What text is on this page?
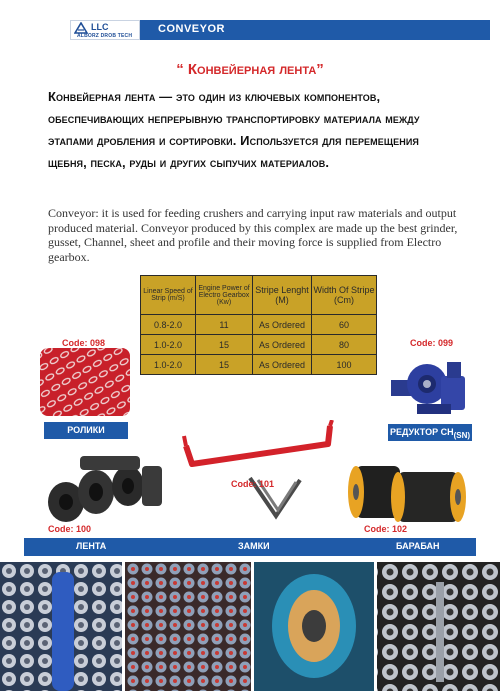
LLC
ALBORZ DROB TECH
CONVEYOR
“ Конвейерная лента”
Конвейерная лента — это один из ключевых компонентов, обеспечивающих непрерывную транспортировку материала между этапами дробления и сортировки. Используется для перемещения щебня, песка, руды и других сыпучих материалов.
Conveyor: it is used for feeding crushers and carrying input raw materials and output produced material. Conveyor produced by this complex are made up the best grinder, gusset, Channel, sheet and profile and their moving force is supplied from Electro gearbox.
Linear Speed of Strip (m/S)	Engine Power of Electro Gearbox (Kw)	Stripe Lenght (M)	Width Of Stripe (Cm)
0.8-2.0	11	As Ordered	60
1.0-2.0	15	As Ordered	80
1.0-2.0	15	As Ordered	100
Code: 098
РОЛИКИ
Code: 099
РЕДУКТОР СН(SN)
Code: 101
Code: 100	Code: 102
ЛЕНТА	ЗАМКИ	БАРАБАН
